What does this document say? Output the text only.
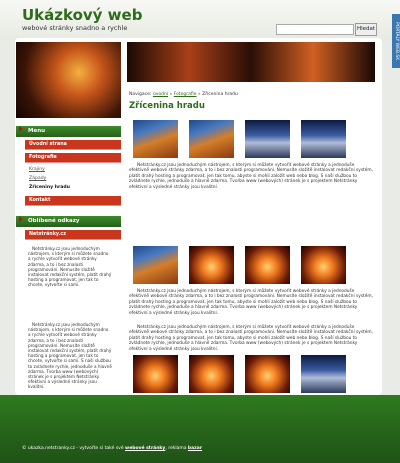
Ukázkový web
webové stránky snadno a rychle	Hledat	PORTÁLY WEB.SK
Menu
Úvodní strana
Fotografie
Krajiny
Západy
Zříceniny hradu
Kontakt
Oblíbené odkazy
Netstránky.cz
Netstránky.cz jsou jednoduchým nástrojem, s kterým si můžete snadno a rychle vytvořit webové stránky zdarma, a to i bez znalosti programování. Nemusíte složitě instalovat redakční systém, platit drahý hosting a programovat, jen tak to chcete, vytvořte si sami.
Netstránky.cz jsou jednoduchým nástrojem, s kterým si můžete snadno a rychle vytvořit webové stránky zdarma, a to i bez znalosti programování. Nemusíte složitě instalovat redakční systém, platit drahý hosting a programovat, jen tak to chcete, vytvořte si sami. S naší službou to zvládnete rychle, jednoduše a hlavně zdarma. Tvorba www (webových) stránek je s projektem Netstránky efektivní a výsledné stránky jsou kvalitní.
Navigace: úvodní » Fotografie » Zřícenina hradu
Zřícenina hradu
Netstránky.cz jsou jednoduchým nástrojem, s kterým si můžete vytvořit webové stránky a jednoduše efektivně webové stránky zdarma, a to i bez znalosti programování. Nemusíte složitě instalovat redakční systém, platit drahý hosting a programovat, jen tak tomu, abyste si mohli založit web nebo blog. S naší službou to zvládnete rychle, jednoduše a hlavně zdarma. Tvorba www (webových) stránek je s projektem Netstránky efektivní a výsledné stránky jsou kvalitní.
Netstránky.cz jsou jednoduchým nástrojem, s kterým si můžete vytvořit webové stránky a jednoduše efektivně webové stránky zdarma, a to i bez znalosti programování. Nemusíte složitě instalovat redakční systém, platit drahý hosting a programovat, jen tak tomu, abyste si mohli založit web nebo blog. S naší službou to zvládnete rychle, jednoduše a hlavně zdarma. Tvorba www (webových) stránek je s projektem Netstránky efektivní a výsledné stránky jsou kvalitní.
Netstránky.cz jsou jednoduchým nástrojem, s kterým si můžete vytvořit webové stránky a jednoduše efektivně webové stránky zdarma, a to i bez znalosti programování. Nemusíte složitě instalovat redakční systém, platit drahý hosting a programovat, jen tak tomu, abyste si mohli založit web nebo blog. S naší službou to zvládnete rychle, jednoduše a hlavně zdarma. Tvorba www (webových) stránek je s projektem Netstránky efektivní a výsledné stránky jsou kvalitní.
© ukazka.netstranky.cz - vytvořte si také své webové stránky, reklama bazar
